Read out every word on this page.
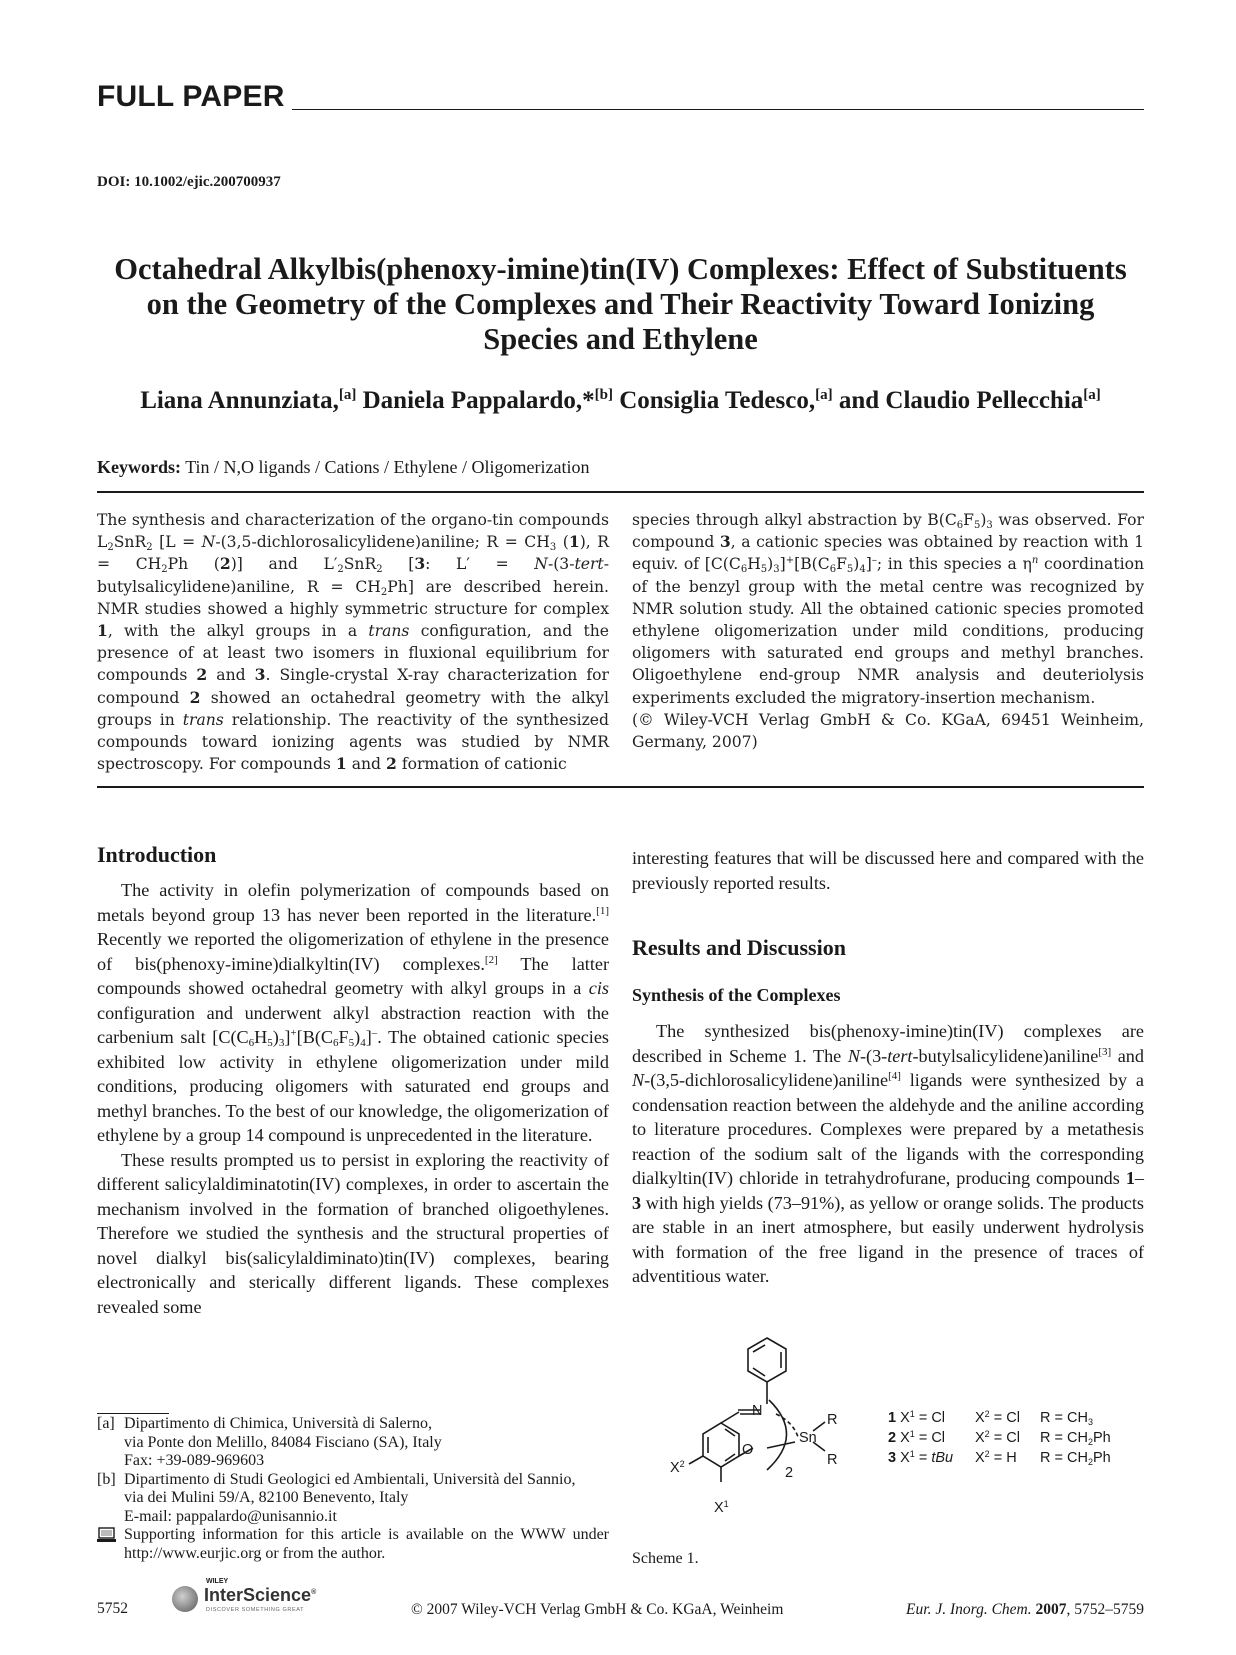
FULL PAPER
DOI: 10.1002/ejic.200700937
Octahedral Alkylbis(phenoxy-imine)tin(IV) Complexes: Effect of Substituents
on the Geometry of the Complexes and Their Reactivity Toward Ionizing
Species and Ethylene
Liana Annunziata,[a] Daniela Pappalardo,*[b] Consiglia Tedesco,[a] and Claudio Pellecchia[a]
Keywords: Tin / N,O ligands / Cations / Ethylene / Oligomerization
The synthesis and characterization of the organo-tin compounds $L_2SnR_2$ [L = N-(3,5-dichlorosalicylidene)aniline; $R = CH_3$ (1), $R = CH_2Ph$ (2)] and $L'_2SnR_2$ [3: L′ = N-(3-tert-butylsalicylidene)aniline, $R = CH_2Ph$] are described herein. NMR studies showed a highly symmetric structure for complex 1, with the alkyl groups in a trans configuration, and the presence of at least two isomers in fluxional equilibrium for compounds 2 and 3. Single-crystal X-ray characterization for compound 2 showed an octahedral geometry with the alkyl groups in trans relationship. The reactivity of the synthesized compounds toward ionizing agents was studied by NMR spectroscopy. For compounds 1 and 2 formation of cationic
species through alkyl abstraction by $B(C_6F_5)_3$ was observed. For compound 3, a cationic species was obtained by reaction with 1 equiv. of $[C(C_6H_5)_3]^+[B(C_6F_5)_4]^-$; in this species a $\eta^n$ coordination of the benzyl group with the metal centre was recognized by NMR solution study. All the obtained cationic species promoted ethylene oligomerization under mild conditions, producing oligomers with saturated end groups and methyl branches. Oligoethylene end-group NMR analysis and deuteriolysis experiments excluded the migratory-insertion mechanism.
(© Wiley-VCH Verlag GmbH & Co. KGaA, 69451 Weinheim, Germany, 2007)
Introduction

The activity in olefin polymerization of compounds based on metals beyond group 13 has never been reported in the literature.[1] Recently we reported the oligomerization of ethylene in the presence of bis(phenoxy-imine)dialkyltin(IV) complexes.[2] The latter compounds showed octahedral geometry with alkyl groups in a cis configuration and underwent alkyl abstraction reaction with the carbenium salt $[C(C_6H_5)_3]^+[B(C_6F_5)_4]^-$. The obtained cationic species exhibited low activity in ethylene oligomerization under mild conditions, producing oligomers with saturated end groups and methyl branches. To the best of our knowledge, the oligomerization of ethylene by a group 14 compound is unprecedented in the literature.

These results prompted us to persist in exploring the reactivity of different salicylaldiminatotin(IV) complexes, in order to ascertain the mechanism involved in the formation of branched oligoethylenes. Therefore we studied the synthesis and the structural properties of novel dialkyl bis(salicylaldiminato)tin(IV) complexes, bearing electronically and sterically different ligands. These complexes revealed some

[a] Dipartimento di Chimica, Università di Salerno,
via Ponte don Melillo, 84084 Fisciano (SA), Italy
Fax: +39-089-969603
[b] Dipartimento di Studi Geologici ed Ambientali, Università del Sannio,
via dei Mulini 59/A, 82100 Benevento, Italy
E-mail: pappalardo@unisannio.it
Supporting information for this article is available on the WWW under http://www.eurjic.org or from the author.
interesting features that will be discussed here and compared with the previously reported results.
Results and Discussion
Synthesis of the Complexes

The synthesized bis(phenoxy-imine)tin(IV) complexes are described in Scheme 1. The N-(3-tert-butylsalicylidene)aniline[3] and N-(3,5-dichlorosalicylidene)aniline[4] ligands were synthesized by a condensation reaction between the aldehyde and the aniline according to literature procedures. Complexes were prepared by a metathesis reaction of the sodium salt of the ligands with the corresponding dialkyltin(IV) chloride in tetrahydrofurane, producing compounds 1–3 with high yields (73–91%), as yellow or orange solids. The products are stable in an inert atmosphere, but easily underwent hydrolysis with formation of the free ligand in the presence of traces of adventitious water.

N
O
Sn
R
R
2
$X^2$
$X^1$
1 $X^1 = Cl$	$X^2 = Cl$	$R = CH_3$
2 $X^1 = Cl$	$X^2 = Cl$	$R = CH_2Ph$
3 $X^1$ = tBu	$X^2 = H$	$R = CH_2Ph$
Scheme 1.
5752
WILEY
InterScience®
DISCOVER SOMETHING GREAT	© 2007 Wiley-VCH Verlag GmbH & Co. KGaA, Weinheim	Eur. J. Inorg. Chem. 2007, 5752–5759
